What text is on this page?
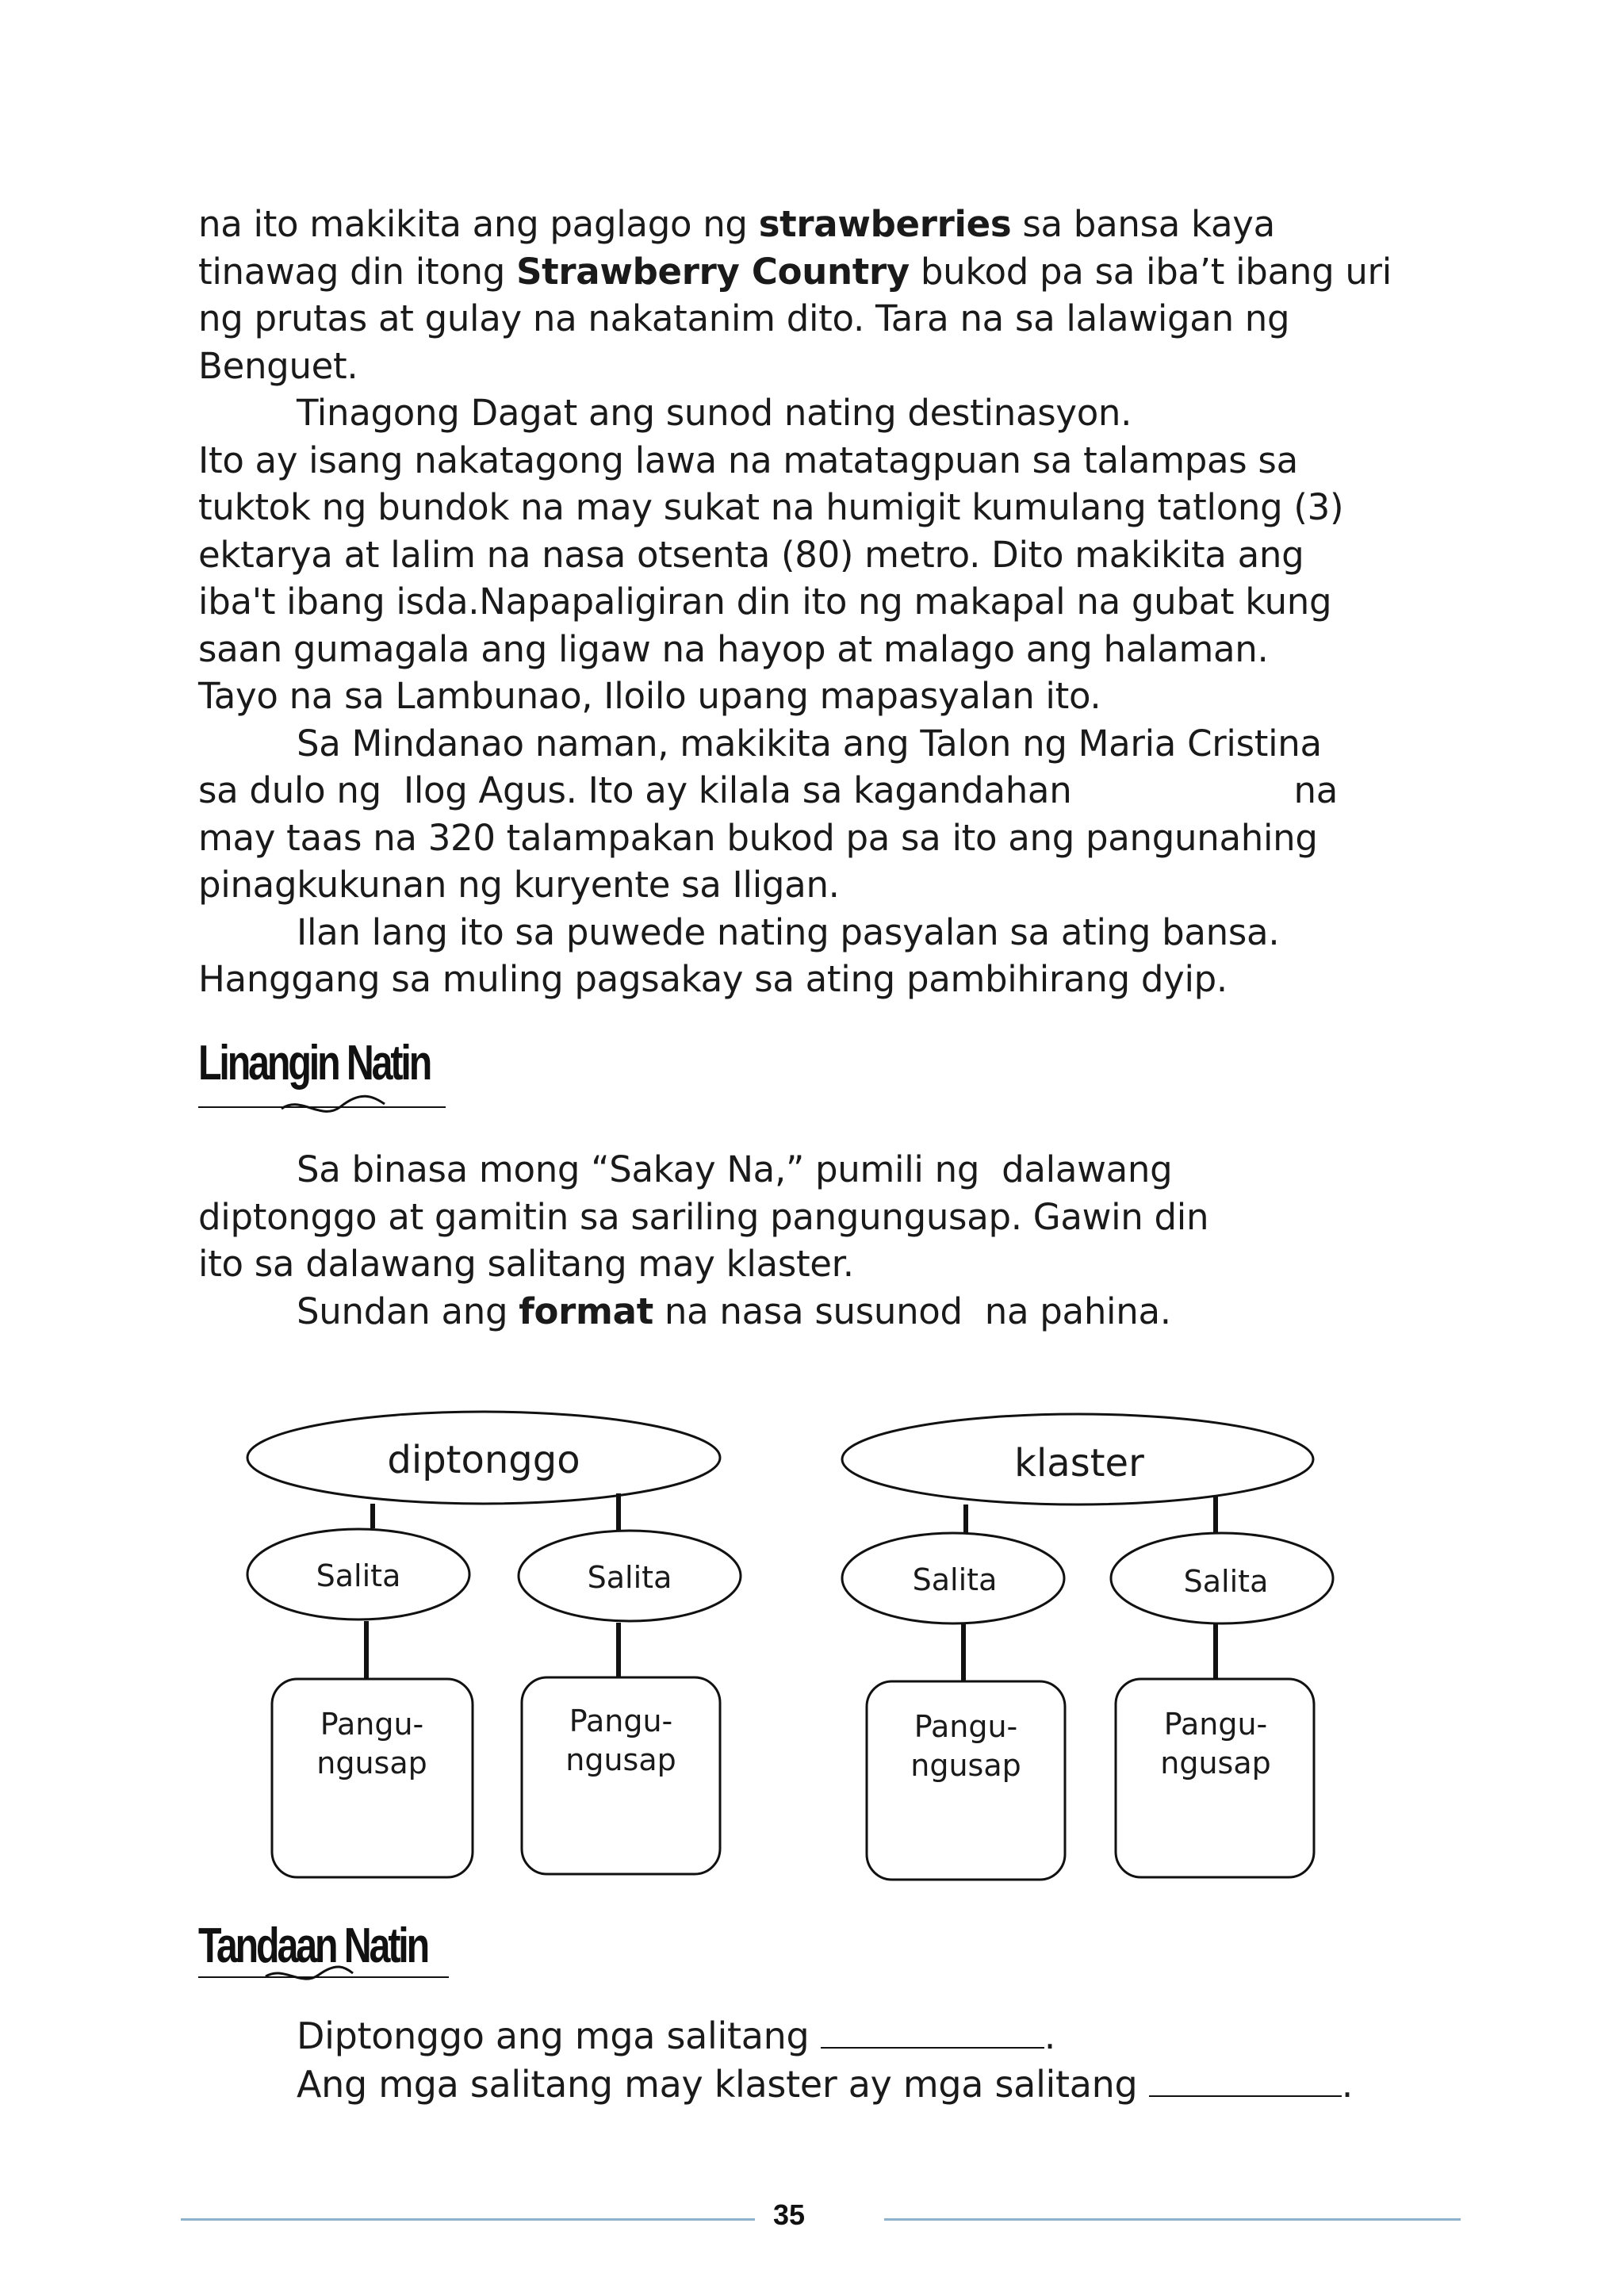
na ito makikita ang paglago ng strawberries sa bansa kaya
tinawag din itong Strawberry Country bukod pa sa iba’t ibang uri
ng prutas at gulay na nakatanim dito. Tara na sa lalawigan ng
Benguet.
Tinagong Dagat ang sunod nating destinasyon.
Ito ay isang nakatagong lawa na matatagpuan sa talampas sa
tuktok ng bundok na may sukat na humigit kumulang tatlong (3)
ektarya at lalim na nasa otsenta (80) metro. Dito makikita ang
iba't ibang isda.Napapaligiran din ito ng makapal na gubat kung
saan gumagala ang ligaw na hayop at malago ang halaman.
Tayo na sa Lambunao, Iloilo upang mapasyalan ito.
Sa Mindanao naman, makikita ang Talon ng Maria Cristina
sa dulo ng  Ilog Agus. Ito ay kilala sa kagandahan                    na
may taas na 320 talampakan bukod pa sa ito ang pangunahing
pinagkukunan ng kuryente sa Iligan.
Ilan lang ito sa puwede nating pasyalan sa ating bansa.
Hanggang sa muling pagsakay sa ating pambihirang dyip.
Linangin Natin
Sa binasa mong “Sakay Na,” pumili ng  dalawang
diptonggo at gamitin sa sariling pangungusap. Gawin din
ito sa dalawang salitang may klaster.
Sundan ang format na nasa susunod  na pahina.
diptonggo
Salita	Salita
Pangu-
ngusap
Pangu-
ngusap
klaster
Salita	Salita
Pangu-
ngusap
Pangu-
ngusap
Tandaan Natin
Diptonggo ang mga salitang	.
Ang mga salitang may klaster ay mga salitang	.
35
